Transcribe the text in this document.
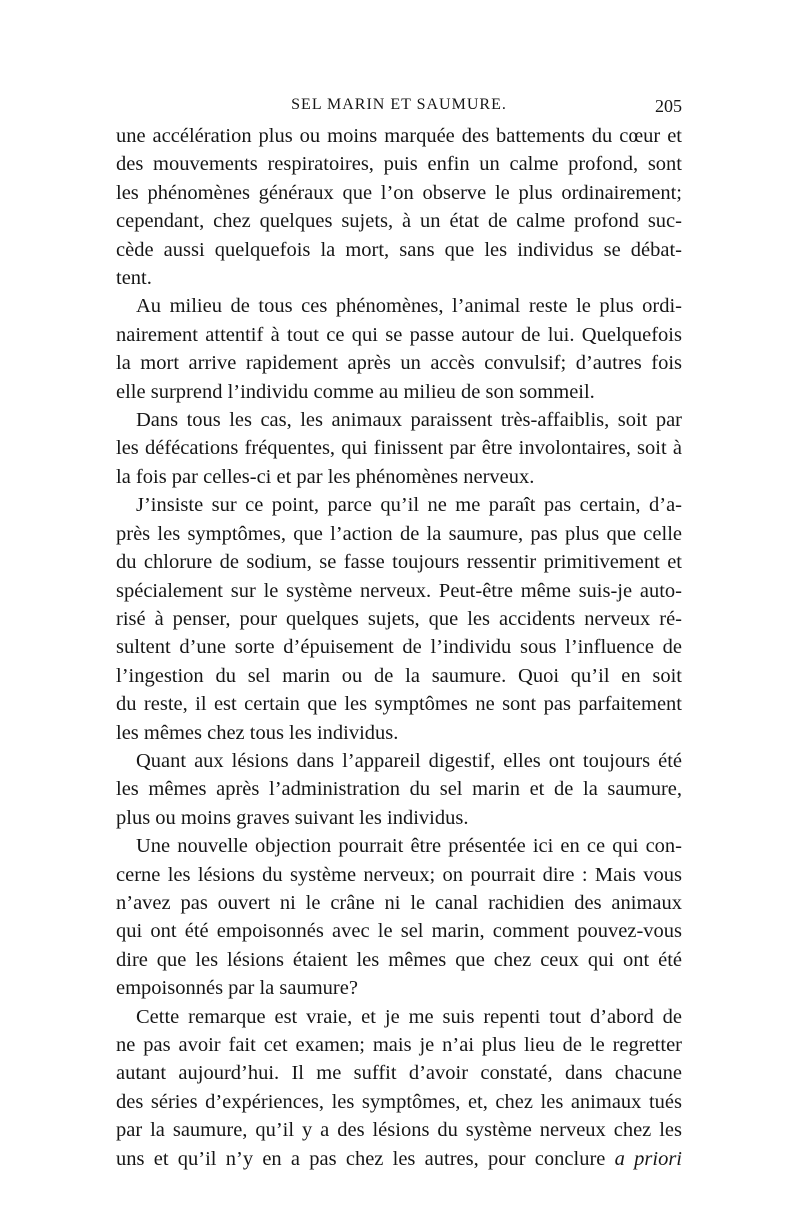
SEL MARIN ET SAUMURE.	205
une accélération plus ou moins marquée des battements du cœur et
des mouvements respiratoires, puis enfin un calme profond, sont
les phénomènes généraux que l’on observe le plus ordinairement;
cependant, chez quelques sujets, à un état de calme profond suc-
cède aussi quelquefois la mort, sans que les individus se débat-
tent.
Au milieu de tous ces phénomènes, l’animal reste le plus ordi-
nairement attentif à tout ce qui se passe autour de lui. Quelquefois
la mort arrive rapidement après un accès convulsif; d’autres fois
elle surprend l’individu comme au milieu de son sommeil.
Dans tous les cas, les animaux paraissent très-affaiblis, soit par
les défécations fréquentes, qui finissent par être involontaires, soit à
la fois par celles-ci et par les phénomènes nerveux.
J’insiste sur ce point, parce qu’il ne me paraît pas certain, d’a-
près les symptômes, que l’action de la saumure, pas plus que celle
du chlorure de sodium, se fasse toujours ressentir primitivement et
spécialement sur le système nerveux. Peut-être même suis-je auto-
risé à penser, pour quelques sujets, que les accidents nerveux ré-
sultent d’une sorte d’épuisement de l’individu sous l’influence de
l’ingestion du sel marin ou de la saumure. Quoi qu’il en soit
du reste, il est certain que les symptômes ne sont pas parfaitement
les mêmes chez tous les individus.
Quant aux lésions dans l’appareil digestif, elles ont toujours été
les mêmes après l’administration du sel marin et de la saumure,
plus ou moins graves suivant les individus.
Une nouvelle objection pourrait être présentée ici en ce qui con-
cerne les lésions du système nerveux; on pourrait dire : Mais vous
n’avez pas ouvert ni le crâne ni le canal rachidien des animaux
qui ont été empoisonnés avec le sel marin, comment pouvez-vous
dire que les lésions étaient les mêmes que chez ceux qui ont été
empoisonnés par la saumure?
Cette remarque est vraie, et je me suis repenti tout d’abord de
ne pas avoir fait cet examen; mais je n’ai plus lieu de le regretter
autant aujourd’hui. Il me suffit d’avoir constaté, dans chacune
des séries d’expériences, les symptômes, et, chez les animaux tués
par la saumure, qu’il y a des lésions du système nerveux chez les
uns et qu’il n’y en a pas chez les autres, pour conclure a priori
